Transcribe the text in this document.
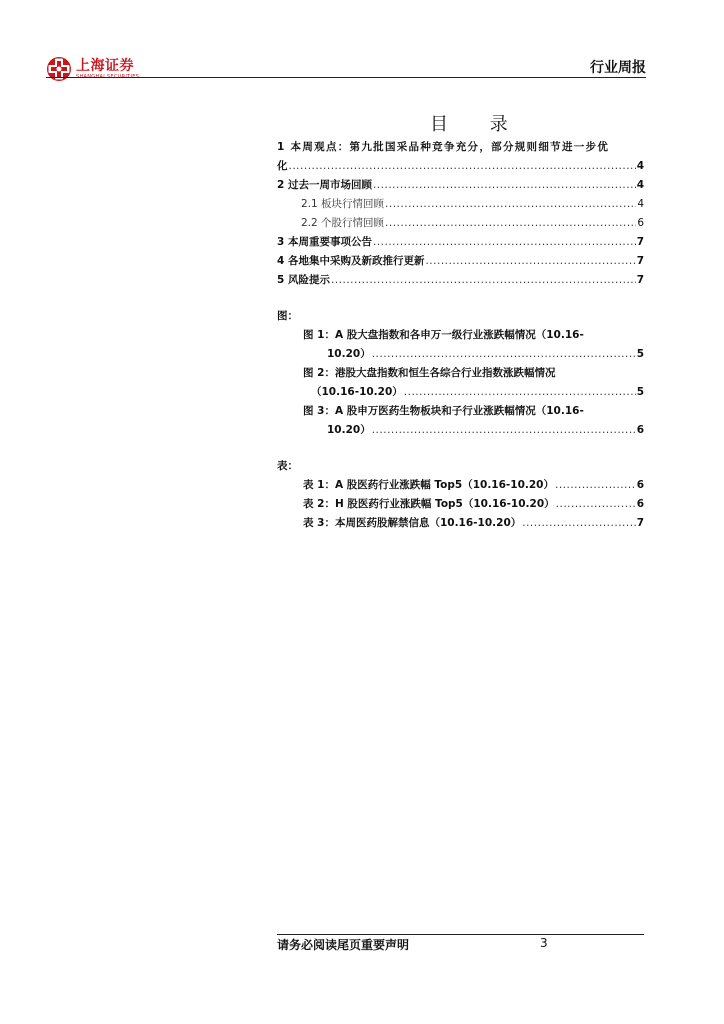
上海证券
SHANGHAI SECURITIES
行业周报
目 录
1 本周观点：第九批国采品种竞争充分，部分规则细节进一步优
化 .....	4
2 过去一周市场回顾 .....	4
2.1 板块行情回顾 .....	4
2.2 个股行情回顾 .....	6
3 本周重要事项公告 .....	7
4 各地集中采购及新政推行更新 .....	7
5 风险提示 .....	7
图：
图 1：A 股大盘指数和各申万一级行业涨跌幅情况（10.16-
10.20） .....	5
图 2：港股大盘指数和恒生各综合行业指数涨跌幅情况
（10.16-10.20） .....	5
图 3：A 股申万医药生物板块和子行业涨跌幅情况（10.16-
10.20） .....	6
表：
表 1：A 股医药行业涨跌幅 Top5（10.16-10.20） .....	6
表 2：H 股医药行业涨跌幅 Top5（10.16-10.20） .....	6
表 3：本周医药股解禁信息（10.16-10.20） .....	7
请务必阅读尾页重要声明	3
